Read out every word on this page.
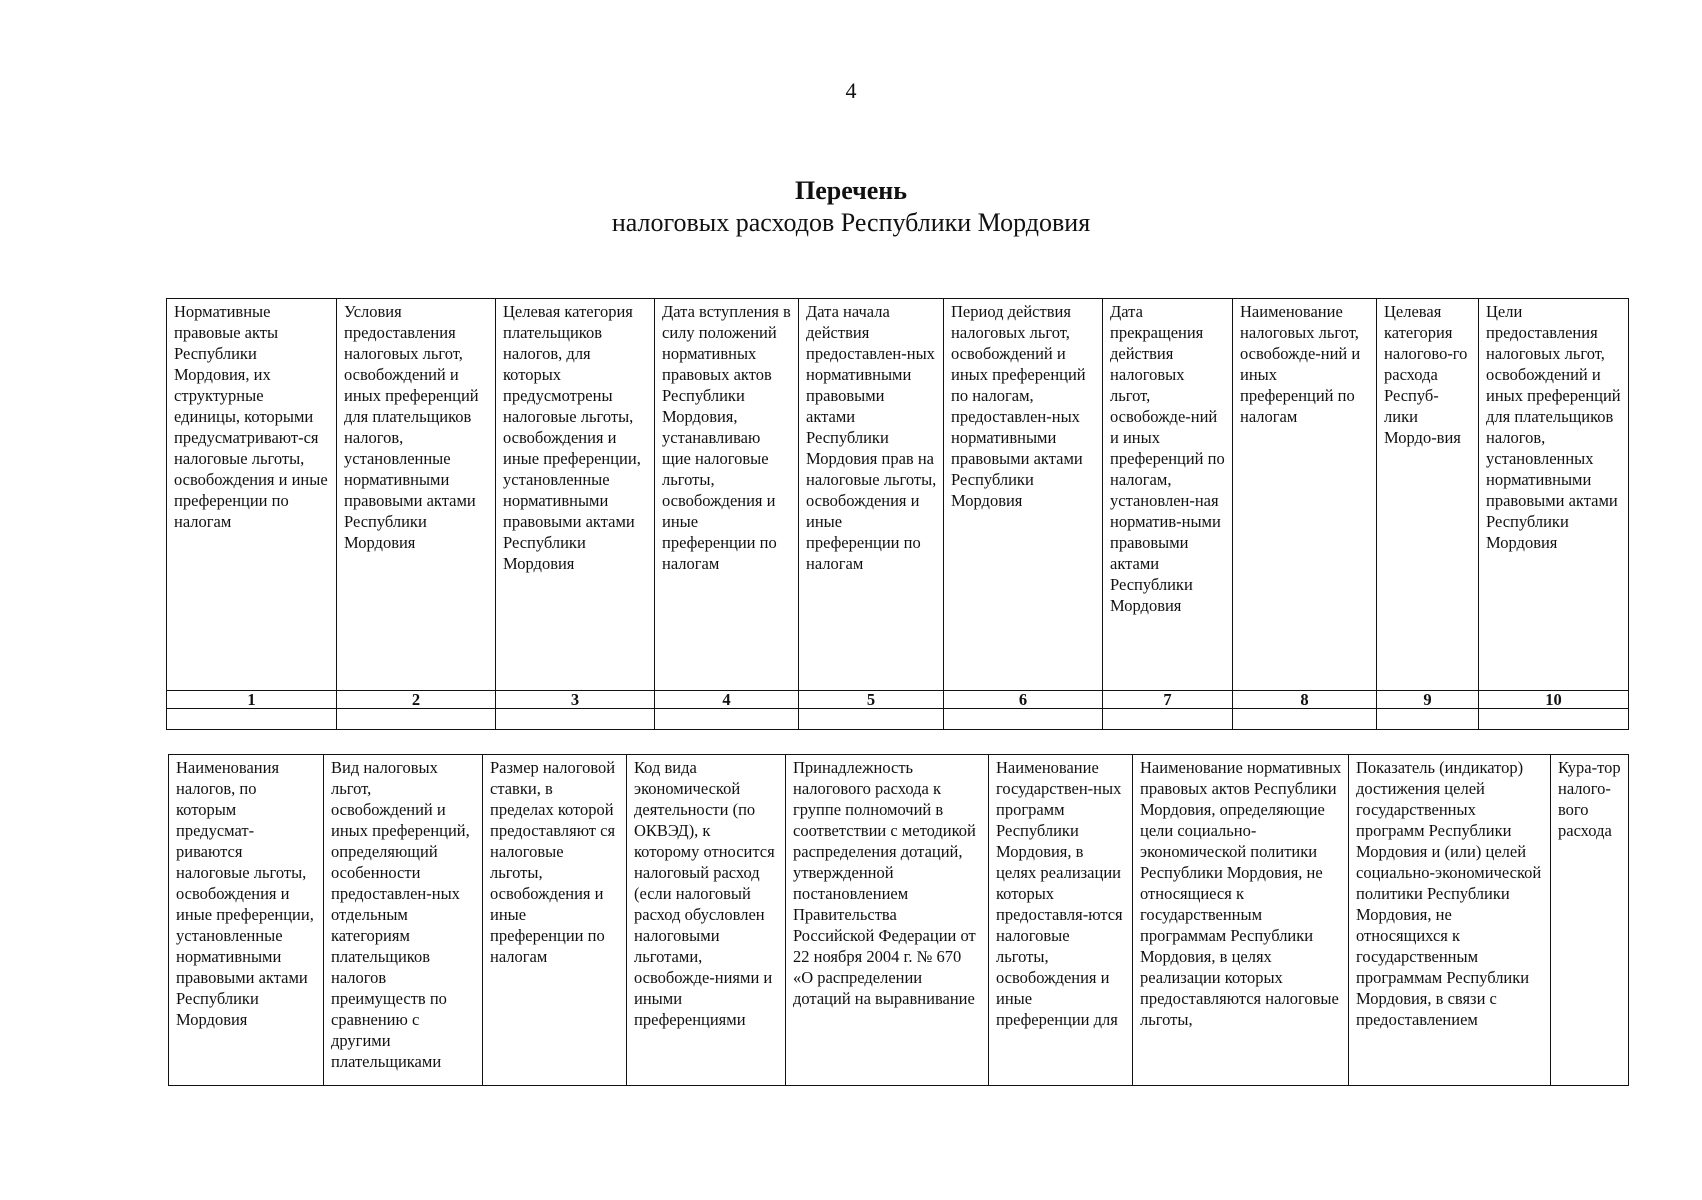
4
Перечень
налоговых расходов Республики Мордовия
Нормативные правовые акты Республики Мордовия, их структурные единицы, которыми предусматривают-ся налоговые льготы, освобождения и иные преференции по налогам	Условия предоставления налоговых льгот, освобождений и иных преференций для плательщиков налогов, установленные нормативными правовыми актами Республики Мордовия	Целевая категория плательщиков налогов, для которых предусмотрены налоговые льготы, освобождения и иные преференции, установленные нормативными правовыми актами Республики Мордовия	Дата вступления в силу положений нормативных правовых актов Республики Мордовия, устанавливаю щие налоговые льготы, освобождения и иные преференции по налогам	Дата начала действия предоставлен-ных нормативными правовыми актами Республики Мордовия прав на налоговые льготы, освобождения и иные преференции по налогам	Период действия налоговых льгот, освобождений и иных преференций по налогам, предоставлен-ных нормативными правовыми актами Республики Мордовия	Дата прекращения действия налоговых льгот, освобожде-ний и иных преференций по налогам, установлен-ная норматив-ными правовыми актами Республики Мордовия	Наименование налоговых льгот, освобожде-ний и иных преференций по налогам	Целевая категория налогово-го расхода Респуб-лики Мордо-вия	Цели предоставления налоговых льгот, освобождений и иных преференций для плательщиков налогов, установленных нормативными правовыми актами Республики Мордовия
1	2	3	4	5	6	7	8	9	10

Наименования налогов, по которым предусмат-риваются налоговые льготы, освобождения и иные преференции, установленные нормативными правовыми актами Республики Мордовия	Вид налоговых льгот, освобождений и иных преференций, определяющий особенности предоставлен-ных отдельным категориям плательщиков налогов преимуществ по сравнению с другими плательщиками	Размер налоговой ставки, в пределах которой предоставляют ся налоговые льготы, освобождения и иные преференции по налогам	Код вида экономической деятельности (по ОКВЭД), к которому относится налоговый расход (если налоговый расход обусловлен налоговыми льготами, освобожде-ниями и иными преференциями	Принадлежность налогового расхода к группе полномочий в соответствии с методикой распределения дотаций, утвержденной постановлением Правительства Российской Федерации от 22 ноября 2004 г. № 670 «О распределении дотаций на выравнивание	Наименование государствен-ных программ Республики Мордовия, в целях реализации которых предоставля-ются налоговые льготы, освобождения и иные преференции для	Наименование нормативных правовых актов Республики Мордовия, определяющие цели социально-экономической политики Республики Мордовия, не относящиеся к государственным программам Республики Мордовия, в целях реализации которых предоставляются налоговые льготы,	Показатель (индикатор) достижения целей государственных программ Республики Мордовия и (или) целей социально-экономической политики Республики Мордовия, не относящихся к государственным программам Республики Мордовия, в связи с предоставлением	Кура-тор налого-вого расхода
